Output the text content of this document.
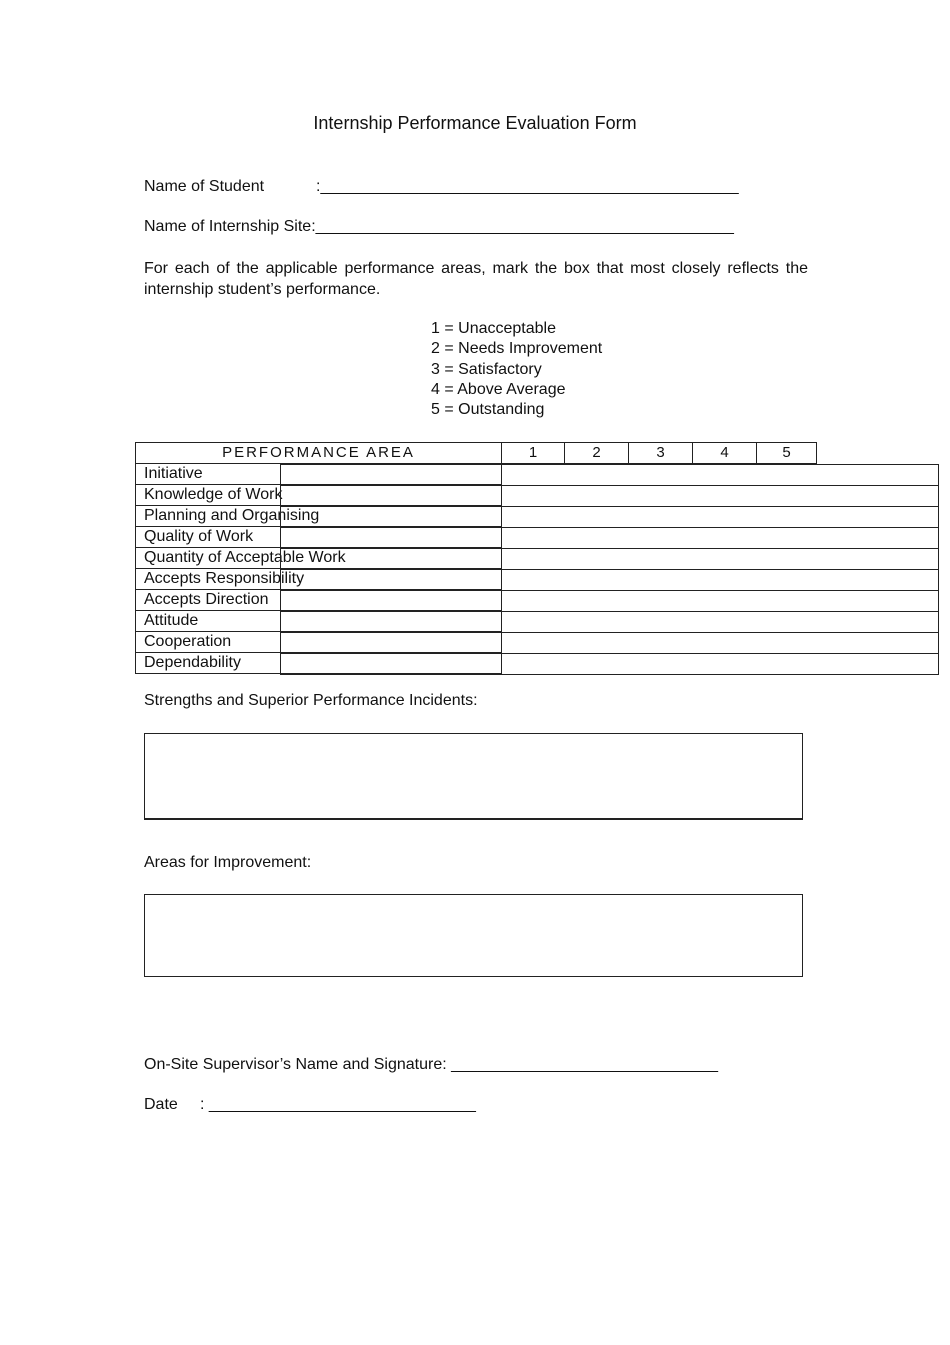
Internship Performance Evaluation Form
Name of Student	:_______________________________________________
Name of Internship Site:_______________________________________________
For each of the applicable performance areas, mark the box that most closely reflects the internship student’s performance.
1 = Unacceptable
2 = Needs Improvement
3 = Satisfactory
4 = Above Average
5 = Outstanding
PERFORMANCE AREA	1	2	3	4	5
Initiative	

Knowledge of Work	

Planning and Organising	

Quality of Work	

Quantity of Acceptable Work	

Accepts Responsibility	

Accepts Direction	

Attitude	

Cooperation	

Dependability	
Strengths and Superior Performance Incidents:
Areas for Improvement:
On-Site Supervisor’s Name and Signature: ______________________________
Date : ______________________________
